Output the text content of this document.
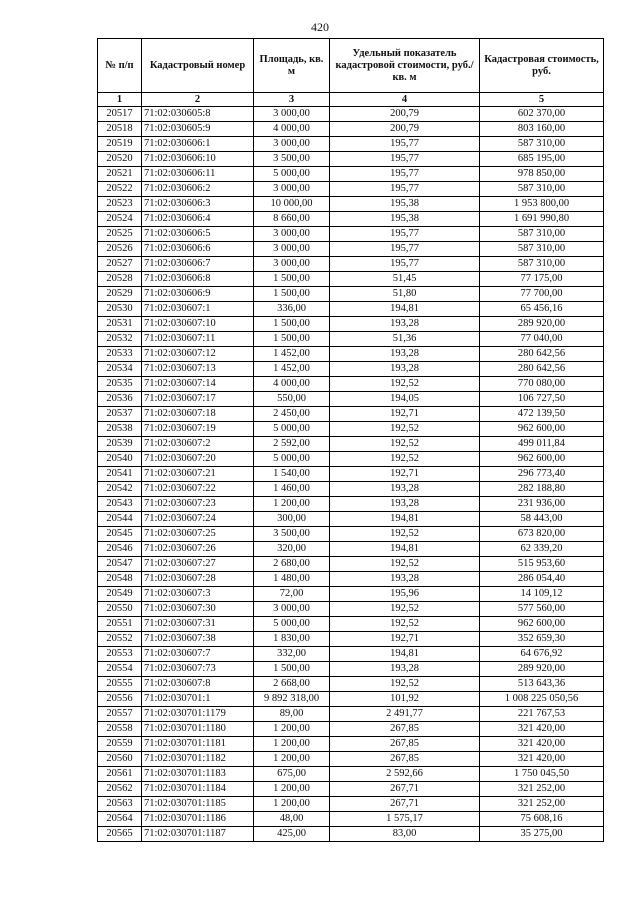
420
№ п/п	Кадастровый номер	Площадь, кв. м	Удельный показатель кадастровой стоимости, руб./кв. м	Кадастровая стоимость, руб.
1	2	3	4	5
20517	71:02:030605:8	3 000,00	200,79	602 370,00
20518	71:02:030605:9	4 000,00	200,79	803 160,00
20519	71:02:030606:1	3 000,00	195,77	587 310,00
20520	71:02:030606:10	3 500,00	195,77	685 195,00
20521	71:02:030606:11	5 000,00	195,77	978 850,00
20522	71:02:030606:2	3 000,00	195,77	587 310,00
20523	71:02:030606:3	10 000,00	195,38	1 953 800,00
20524	71:02:030606:4	8 660,00	195,38	1 691 990,80
20525	71:02:030606:5	3 000,00	195,77	587 310,00
20526	71:02:030606:6	3 000,00	195,77	587 310,00
20527	71:02:030606:7	3 000,00	195,77	587 310,00
20528	71:02:030606:8	1 500,00	51,45	77 175,00
20529	71:02:030606:9	1 500,00	51,80	77 700,00
20530	71:02:030607:1	336,00	194,81	65 456,16
20531	71:02:030607:10	1 500,00	193,28	289 920,00
20532	71:02:030607:11	1 500,00	51,36	77 040,00
20533	71:02:030607:12	1 452,00	193,28	280 642,56
20534	71:02:030607:13	1 452,00	193,28	280 642,56
20535	71:02:030607:14	4 000,00	192,52	770 080,00
20536	71:02:030607:17	550,00	194,05	106 727,50
20537	71:02:030607:18	2 450,00	192,71	472 139,50
20538	71:02:030607:19	5 000,00	192,52	962 600,00
20539	71:02:030607:2	2 592,00	192,52	499 011,84
20540	71:02:030607:20	5 000,00	192,52	962 600,00
20541	71:02:030607:21	1 540,00	192,71	296 773,40
20542	71:02:030607:22	1 460,00	193,28	282 188,80
20543	71:02:030607:23	1 200,00	193,28	231 936,00
20544	71:02:030607:24	300,00	194,81	58 443,00
20545	71:02:030607:25	3 500,00	192,52	673 820,00
20546	71:02:030607:26	320,00	194,81	62 339,20
20547	71:02:030607:27	2 680,00	192,52	515 953,60
20548	71:02:030607:28	1 480,00	193,28	286 054,40
20549	71:02:030607:3	72,00	195,96	14 109,12
20550	71:02:030607:30	3 000,00	192,52	577 560,00
20551	71:02:030607:31	5 000,00	192,52	962 600,00
20552	71:02:030607:38	1 830,00	192,71	352 659,30
20553	71:02:030607:7	332,00	194,81	64 676,92
20554	71:02:030607:73	1 500,00	193,28	289 920,00
20555	71:02:030607:8	2 668,00	192,52	513 643,36
20556	71:02:030701:1	9 892 318,00	101,92	1 008 225 050,56
20557	71:02:030701:1179	89,00	2 491,77	221 767,53
20558	71:02:030701:1180	1 200,00	267,85	321 420,00
20559	71:02:030701:1181	1 200,00	267,85	321 420,00
20560	71:02:030701:1182	1 200,00	267,85	321 420,00
20561	71:02:030701:1183	675,00	2 592,66	1 750 045,50
20562	71:02:030701:1184	1 200,00	267,71	321 252,00
20563	71:02:030701:1185	1 200,00	267,71	321 252,00
20564	71:02:030701:1186	48,00	1 575,17	75 608,16
20565	71:02:030701:1187	425,00	83,00	35 275,00
